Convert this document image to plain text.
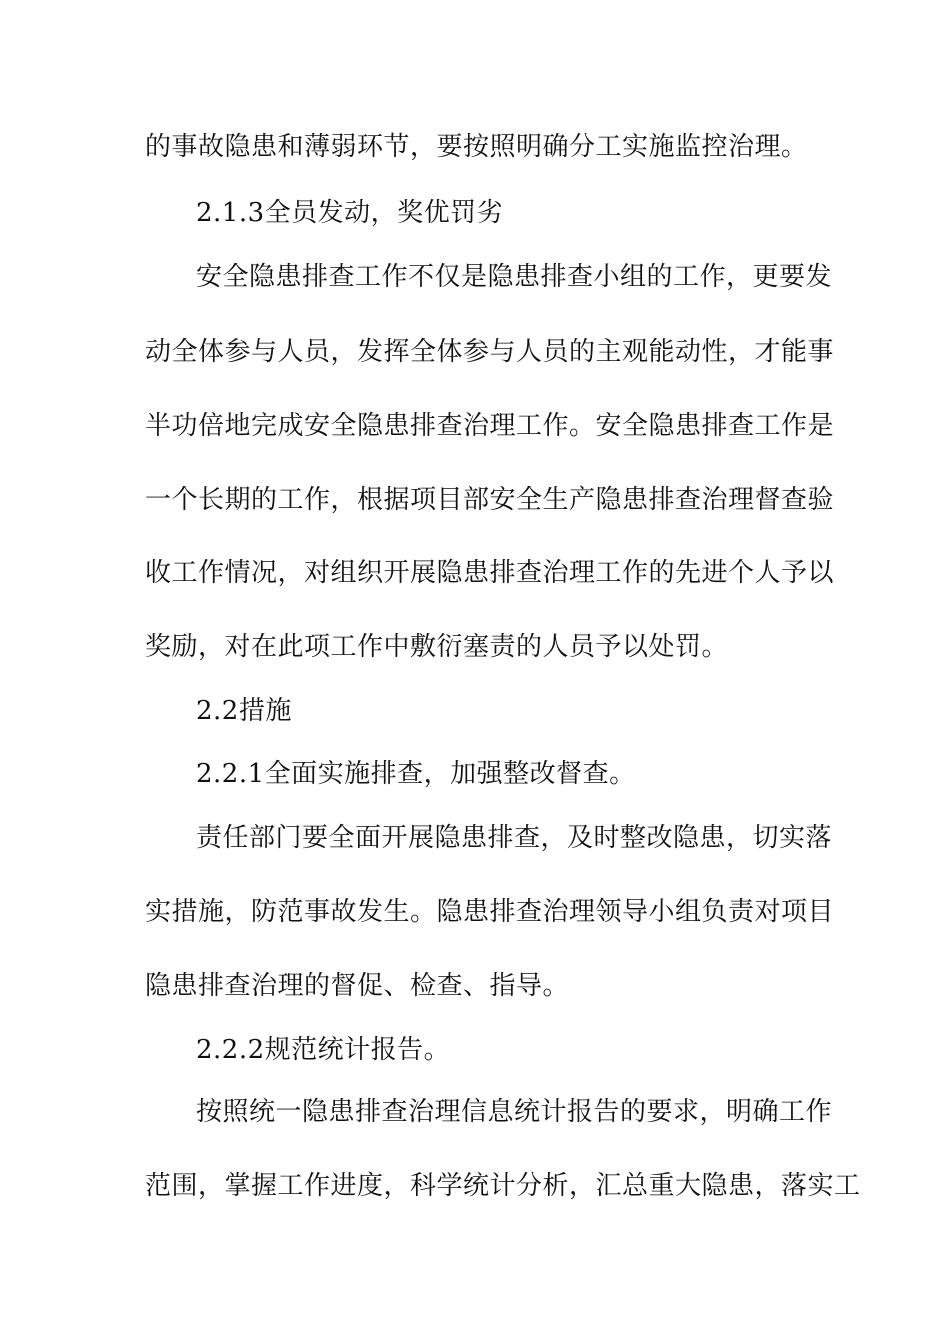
的事故隐患和薄弱环节，要按照明确分工实施监控治理。
2.1.3全员发动，奖优罚劣
安全隐患排查工作不仅是隐患排查小组的工作，更要发
动全体参与人员，发挥全体参与人员的主观能动性，才能事
半功倍地完成安全隐患排查治理工作。安全隐患排查工作是
一个长期的工作，根据项目部安全生产隐患排查治理督查验
收工作情况，对组织开展隐患排查治理工作的先进个人予以
奖励，对在此项工作中敷衍塞责的人员予以处罚。
2.2措施
2.2.1全面实施排查，加强整改督查。
责任部门要全面开展隐患排查，及时整改隐患，切实落
实措施，防范事故发生。隐患排查治理领导小组负责对项目
隐患排查治理的督促、检查、指导。
2.2.2规范统计报告。
按照统一隐患排查治理信息统计报告的要求，明确工作
范围，掌握工作进度，科学统计分析，汇总重大隐患，落实工
